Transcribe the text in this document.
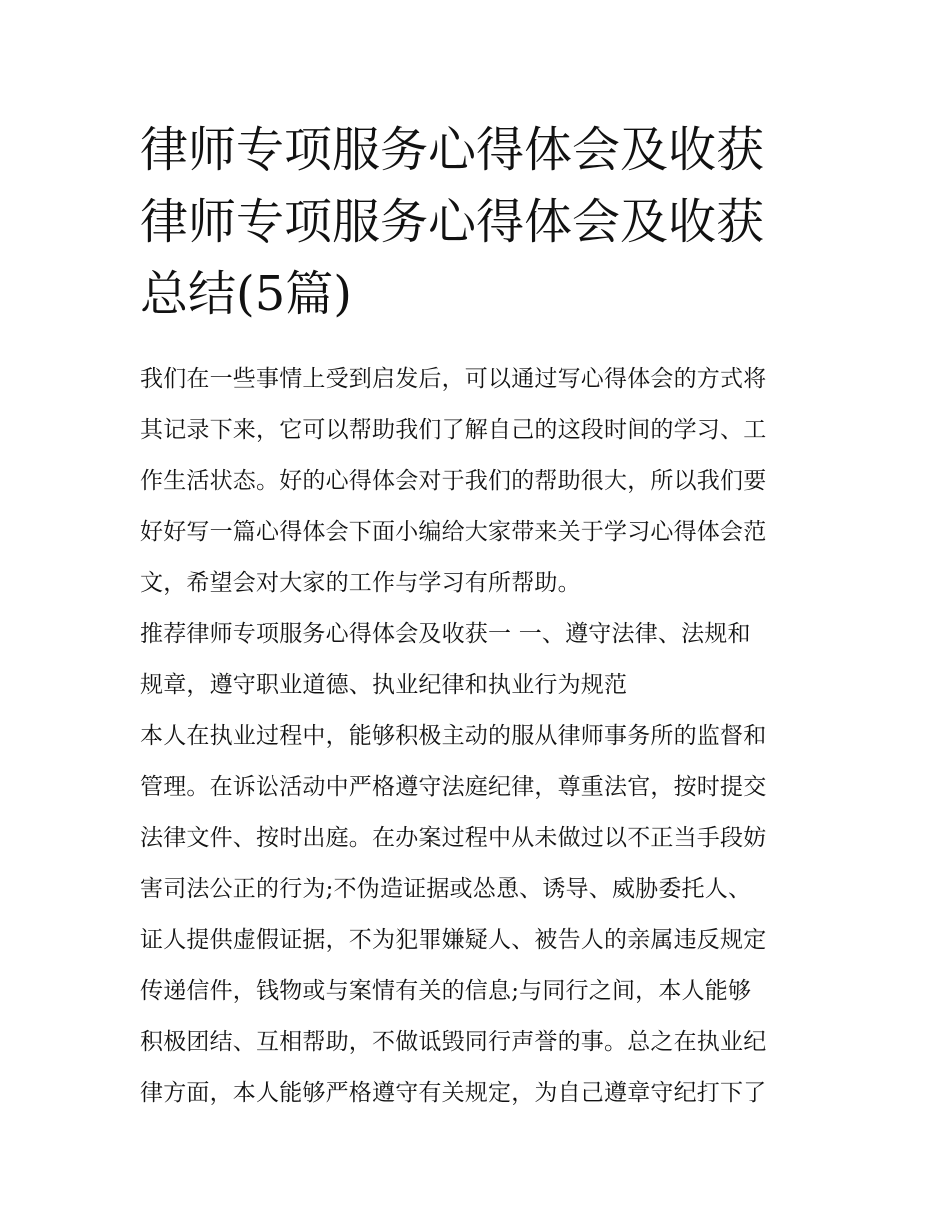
律师专项服务心得体会及收获
律师专项服务心得体会及收获
总结(5篇)
我们在一些事情上受到启发后，可以通过写心得体会的方式将
其记录下来，它可以帮助我们了解自己的这段时间的学习、工
作生活状态。好的心得体会对于我们的帮助很大，所以我们要
好好写一篇心得体会下面小编给大家带来关于学习心得体会范
文，希望会对大家的工作与学习有所帮助。
推荐律师专项服务心得体会及收获一 一、遵守法律、法规和
规章，遵守职业道德、执业纪律和执业行为规范
本人在执业过程中，能够积极主动的服从律师事务所的监督和
管理。在诉讼活动中严格遵守法庭纪律，尊重法官，按时提交
法律文件、按时出庭。在办案过程中从未做过以不正当手段妨
害司法公正的行为;不伪造证据或怂恿、诱导、威胁委托人、
证人提供虚假证据，不为犯罪嫌疑人、被告人的亲属违反规定
传递信件，钱物或与案情有关的信息;与同行之间，本人能够
积极团结、互相帮助，不做诋毁同行声誉的事。总之在执业纪
律方面，本人能够严格遵守有关规定，为自己遵章守纪打下了
